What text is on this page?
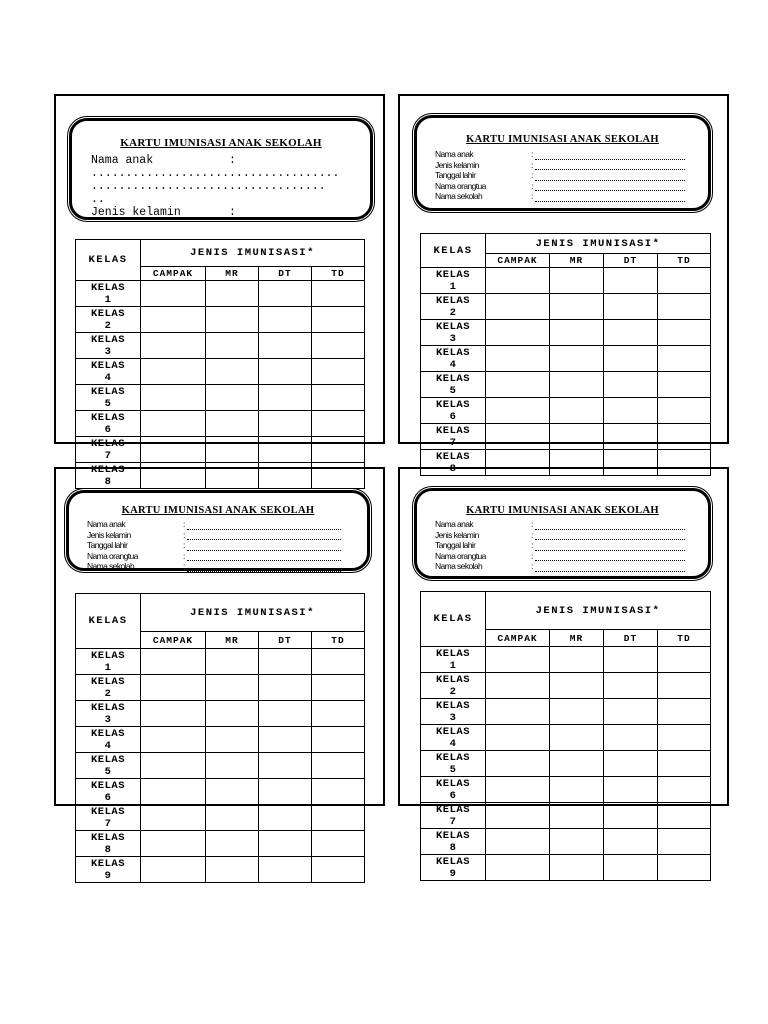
KELAS	JENIS IMUNISASI*			
	CAMPAK	MR	DT	TD

KELAS
1				

KELAS
2				

KELAS
3				

KELAS
4				

KELAS
5				

KELAS
6				

KELAS
7				

KELAS
8				

KARTU IMUNISASI ANAK SEKOLAH
Nama anak	:
....................................
..................................
..
Jenis kelamin	:
KELAS	JENIS IMUNISASI*			
	CAMPAK	MR	DT	TD

KELAS
1				

KELAS
2				

KELAS
3				

KELAS
4				

KELAS
5				

KELAS
6				

KELAS
7				

KELAS
8				

KARTU IMUNISASI ANAK SEKOLAH
Nama anak	:
Jenis kelamin	:
Tanggal lahir	:
Nama orangtua	:
Nama sekolah	:
KELAS	JENIS IMUNISASI*			
	CAMPAK	MR	DT	TD

KELAS
1				

KELAS
2				

KELAS
3				

KELAS
4				

KELAS
5				

KELAS
6				

KELAS
7				

KELAS
8				

KELAS
9				

KARTU IMUNISASI ANAK SEKOLAH
Nama anak	:
Jenis kelamin	:
Tanggal lahir	:
Nama orangtua	:
Nama sekolah	:
KELAS	JENIS IMUNISASI*			
	CAMPAK	MR	DT	TD

KELAS
1				

KELAS
2				

KELAS
3				

KELAS
4				

KELAS
5				

KELAS
6				

KELAS
7				

KELAS
8				

KELAS
9				

KARTU IMUNISASI ANAK SEKOLAH
Nama anak	:
Jenis kelamin	:
Tanggal lahir	:
Nama orangtua	:
Nama sekolah	:
